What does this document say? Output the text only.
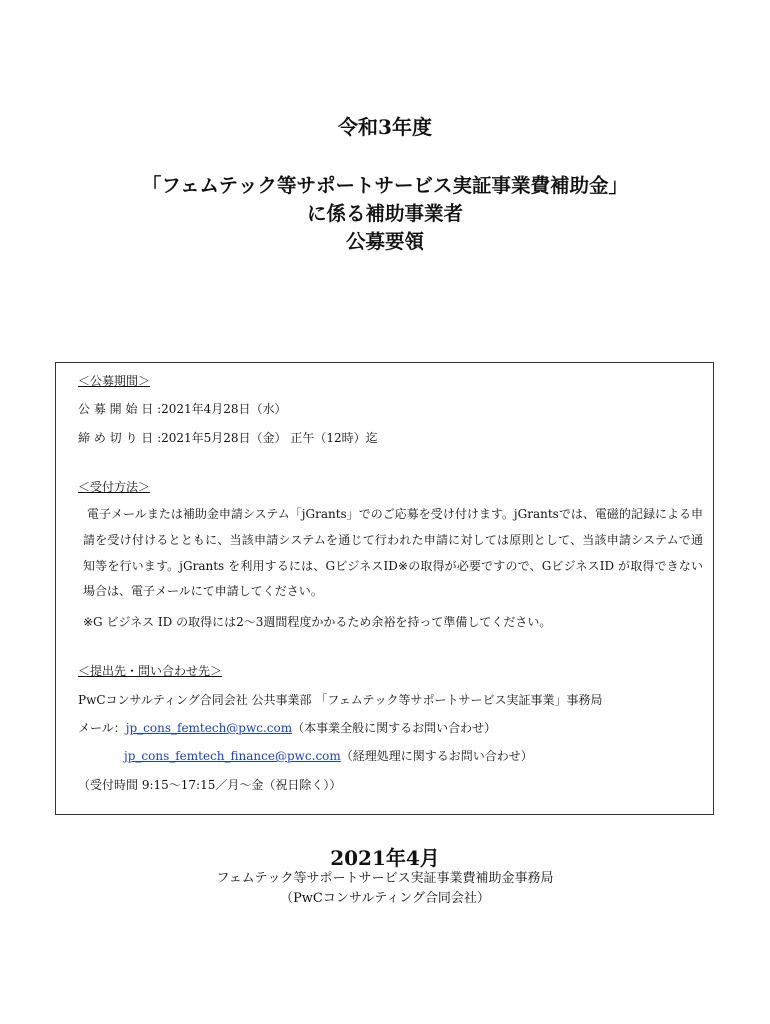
令和3年度
「フェムテック等サポートサービス実証事業費補助金」
に係る補助事業者
公募要領
＜公募期間＞
公 募 開 始 日 :2021年4月28日（水）
締 め 切 り 日 :2021年5月28日（金） 正午（12時）迄
＜受付方法＞
電子メールまたは補助金申請システム「jGrants」でのご応募を受け付けます。jGrantsでは、電磁的記録による申請を受け付けるとともに、当該申請システムを通じて行われた申請に対しては原則として、当該申請システムで通知等を行います。jGrants を利用するには、GビジネスID※の取得が必要ですので、GビジネスID が取得できない場合は、電子メールにて申請してください。
※G ビジネス ID の取得には2～3週間程度かかるため余裕を持って準備してください。
＜提出先・問い合わせ先＞
PwCコンサルティング合同会社 公共事業部 「フェムテック等サポートサービス実証事業」事務局
メール：jp_cons_femtech@pwc.com（本事業全般に関するお問い合わせ）
jp_cons_femtech_finance@pwc.com（経理処理に関するお問い合わせ）
（受付時間 9:15～17:15／月～金（祝日除く））
2021年4月
フェムテック等サポートサービス実証事業費補助金事務局
（PwCコンサルティング合同会社）
